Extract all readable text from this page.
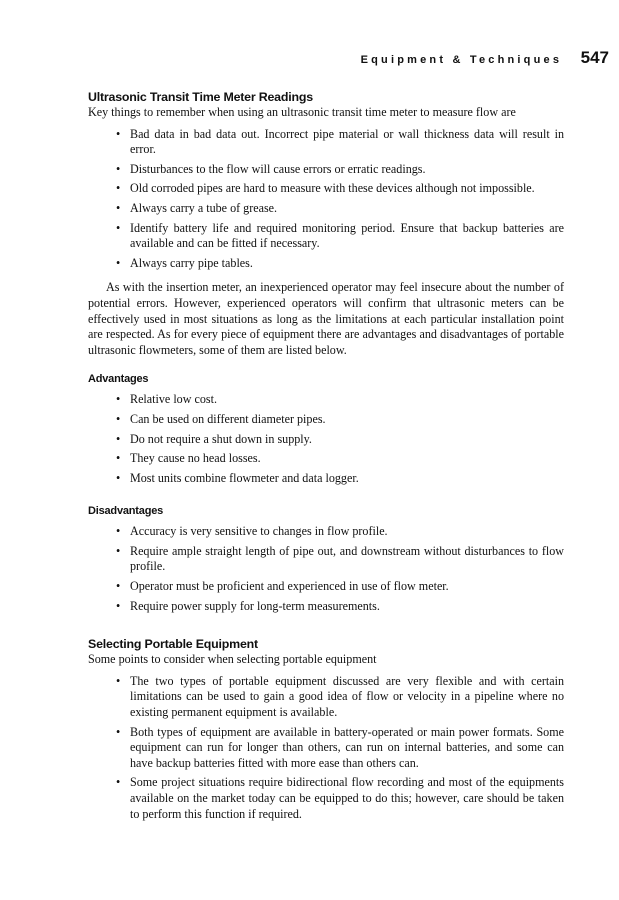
Equipment & Techniques 547
Ultrasonic Transit Time Meter Readings

Key things to remember when using an ultrasonic transit time meter to measure flow are

• Bad data in bad data out. Incorrect pipe material or wall thickness data will result in error.
• Disturbances to the flow will cause errors or erratic readings.
• Old corroded pipes are hard to measure with these devices although not impossible.
• Always carry a tube of grease.
• Identify battery life and required monitoring period. Ensure that backup batteries are available and can be fitted if necessary.
• Always carry pipe tables.

As with the insertion meter, an inexperienced operator may feel insecure about the number of potential errors. However, experienced operators will confirm that ultrasonic meters can be effectively used in most situations as long as the limitations at each particular installation point are respected. As for every piece of equipment there are advantages and disadvantages of portable ultrasonic flowmeters, some of them are listed below.

Advantages
• Relative low cost.
• Can be used on different diameter pipes.
• Do not require a shut down in supply.
• They cause no head losses.
• Most units combine flowmeter and data logger.
Disadvantages
• Accuracy is very sensitive to changes in flow profile.
• Require ample straight length of pipe out, and downstream without disturbances to flow profile.
• Operator must be proficient and experienced in use of flow meter.
• Require power supply for long-term measurements.
Selecting Portable Equipment

Some points to consider when selecting portable equipment

• The two types of portable equipment discussed are very flexible and with certain limitations can be used to gain a good idea of flow or velocity in a pipeline where no existing permanent equipment is available.
• Both types of equipment are available in battery-operated or main power formats. Some equipment can run for longer than others, can run on internal batteries, and some can have backup batteries fitted with more ease than others can.
• Some project situations require bidirectional flow recording and most of the equipments available on the market today can be equipped to do this; however, care should be taken to perform this function if required.
